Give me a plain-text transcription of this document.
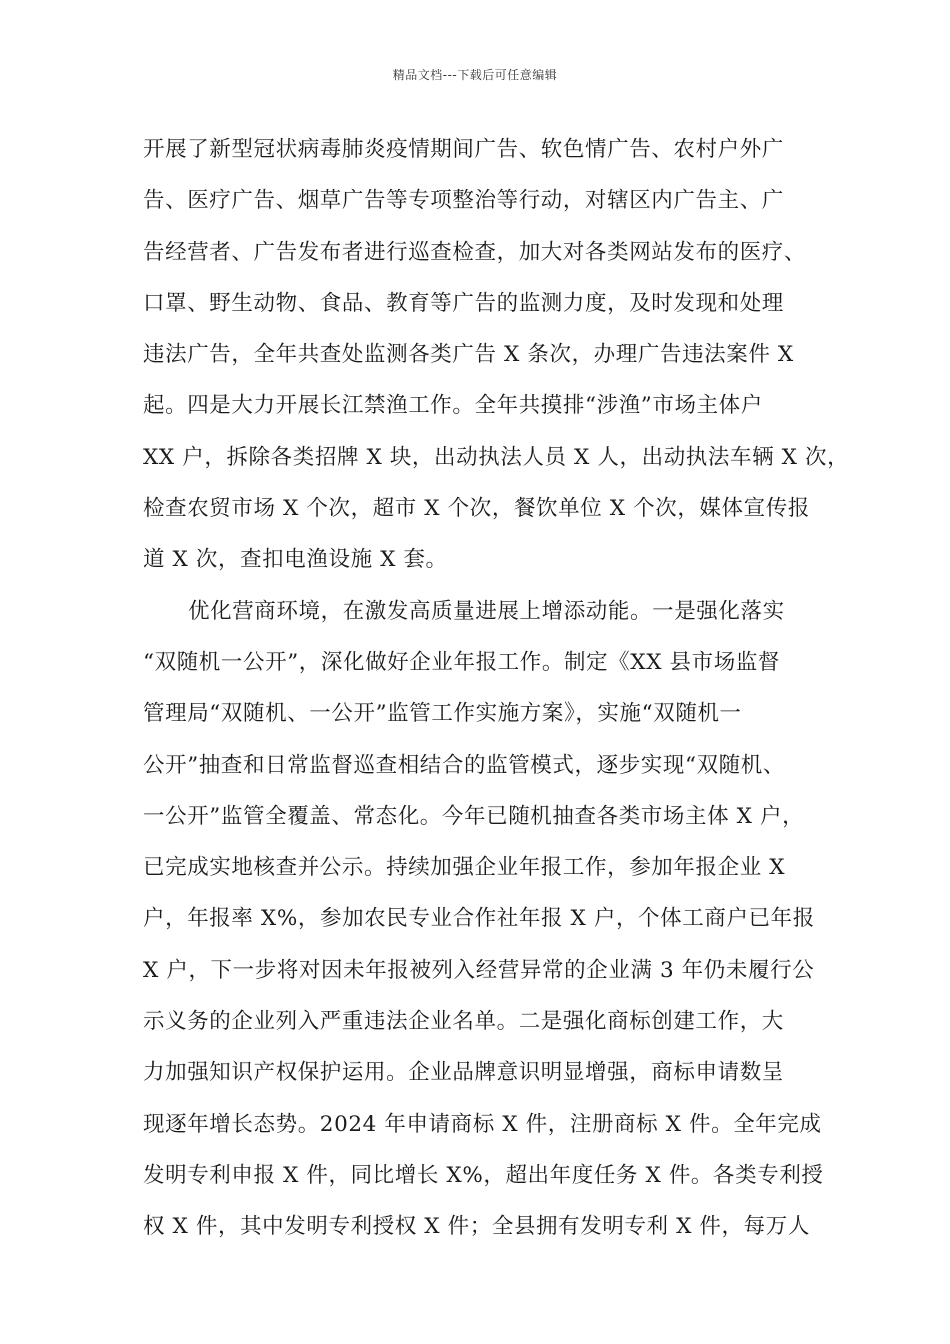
精品文档---下载后可任意编辑
开展了新型冠状病毒肺炎疫情期间广告、软色情广告、农村户外广
告、医疗广告、烟草广告等专项整治等行动，对辖区内广告主、广
告经营者、广告发布者进行巡查检查，加大对各类网站发布的医疗、
口罩、野生动物、食品、教育等广告的监测力度，及时发现和处理
违法广告，全年共查处监测各类广告 X 条次，办理广告违法案件 X
起。四是大力开展长江禁渔工作。全年共摸排“涉渔”市场主体户
XX 户，拆除各类招牌 X 块，出动执法人员 X 人，出动执法车辆 X 次，
检查农贸市场 X 个次，超市 X 个次，餐饮单位 X 个次，媒体宣传报
道 X 次，查扣电渔设施 X 套。
优化营商环境，在激发高质量进展上增添动能。一是强化落实
“双随机一公开”，深化做好企业年报工作。制定《XX 县市场监督
管理局“双随机、一公开”监管工作实施方案》，实施“双随机一
公开”抽查和日常监督巡查相结合的监管模式，逐步实现“双随机、
一公开”监管全覆盖、常态化。今年已随机抽查各类市场主体 X 户，
已完成实地核查并公示。持续加强企业年报工作，参加年报企业 X
户，年报率 X%，参加农民专业合作社年报 X 户，个体工商户已年报
X 户，下一步将对因未年报被列入经营异常的企业满 3 年仍未履行公
示义务的企业列入严重违法企业名单。二是强化商标创建工作，大
力加强知识产权保护运用。企业品牌意识明显增强，商标申请数呈
现逐年增长态势。2024 年申请商标 X 件，注册商标 X 件。全年完成
发明专利申报 X 件，同比增长 X%，超出年度任务 X 件。各类专利授
权 X 件，其中发明专利授权 X 件；全县拥有发明专利 X 件，每万人
